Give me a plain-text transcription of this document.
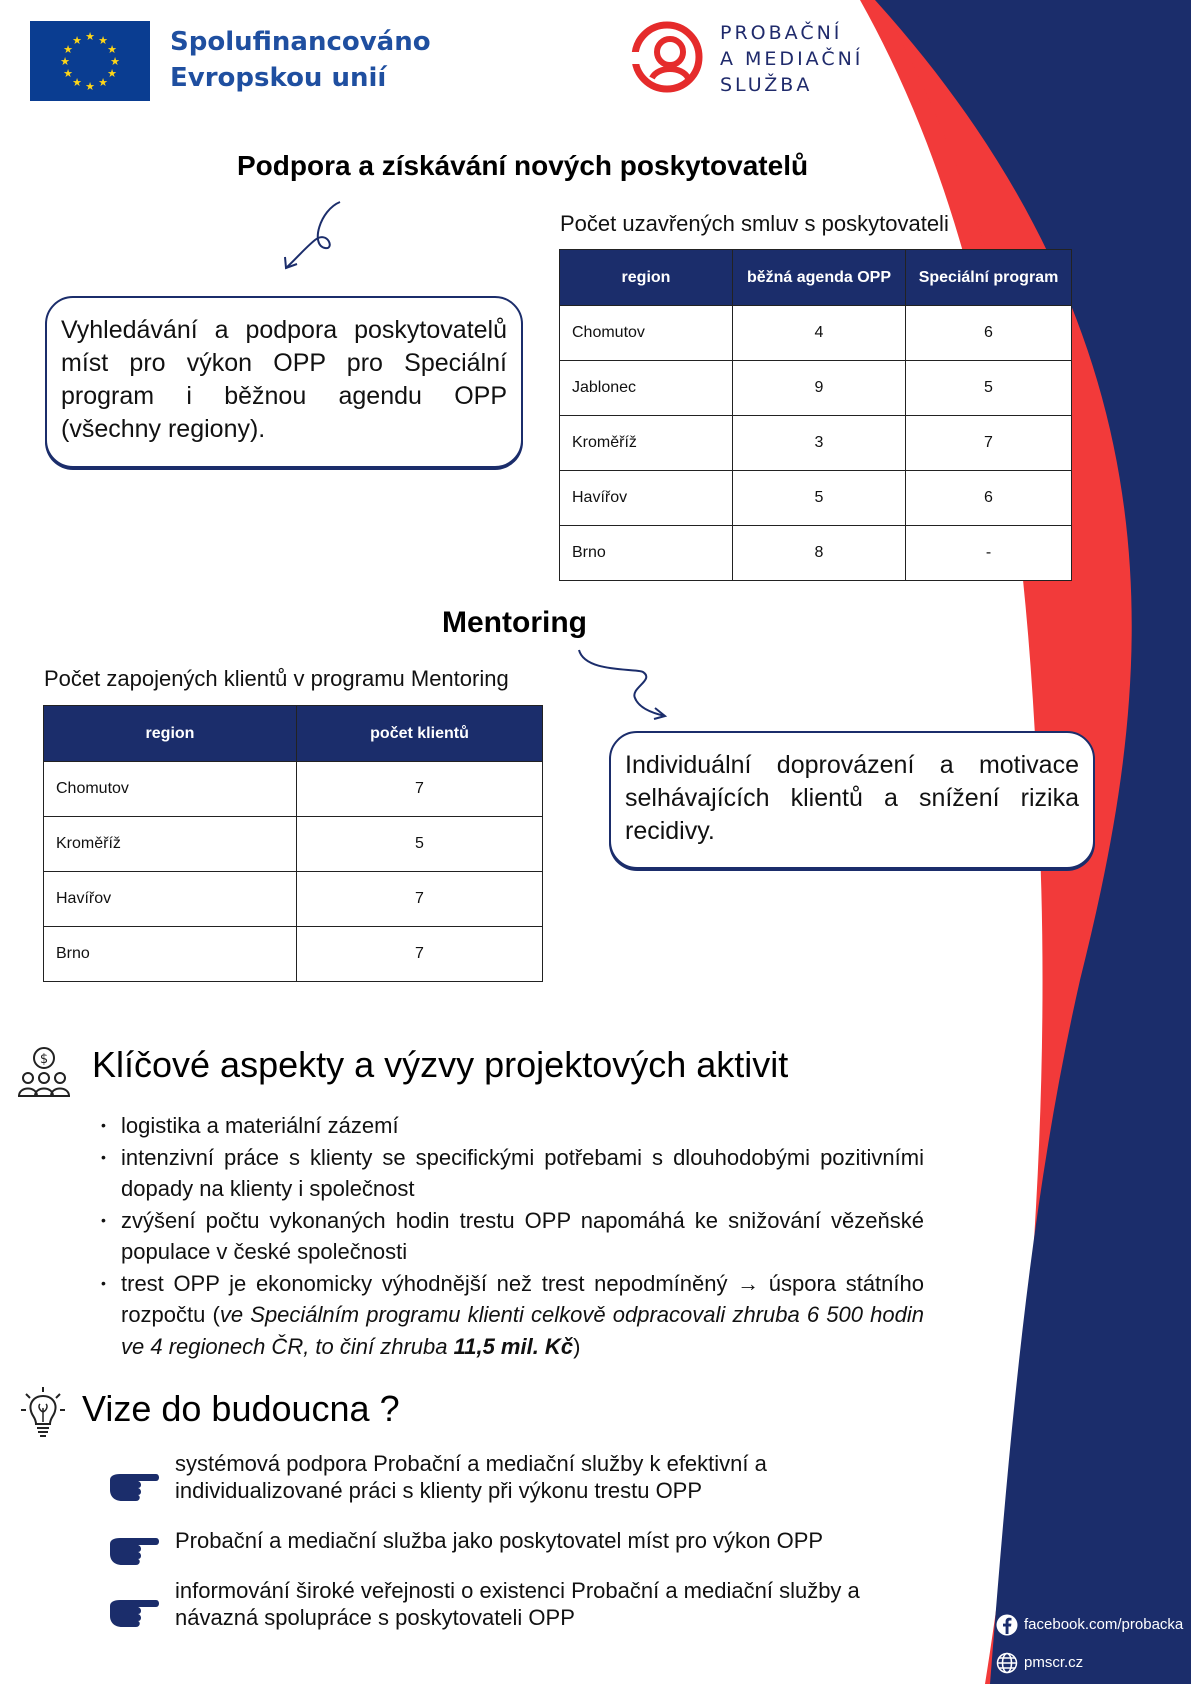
★ ★
★
★
★
★
★
★
★
★
★
★	Spolufinancováno
Evropskou unií
PROBAČNÍ
A MEDIAČNÍ
SLUŽBA
Podpora a získávání nových poskytovatelů
Vyhledávání a podpora poskytovatelů míst pro výkon OPP pro Speciální program i běžnou agendu OPP (všechny regiony).
Počet uzavřených smluv s poskytovateli
region	běžná agenda OPP	Speciální program
Chomutov	4	6
Jablonec	9	5
Kroměříž	3	7
Havířov	5	6
Brno	8	-
Mentoring
Počet zapojených klientů v programu Mentoring
region	počet klientů
Chomutov	7
Kroměříž	5
Havířov	7
Brno	7
Individuální doprovázení a motivace selhávajících klientů a snížení rizika recidivy.
$ Klíčové aspekty a výzvy projektových aktivit
• logistika a materiální zázemí
• intenzivní práce s klienty se specifickými potřebami s dlouhodobými pozitivními dopady na klienty i společnost
• zvýšení počtu vykonaných hodin trestu OPP napomáhá ke snižování vězeňské populace v české společnosti
• trest OPP je ekonomicky výhodnější než trest nepodmíněný → úspora státního rozpočtu (ve Speciálním programu klienti celkově odpracovali zhruba 6 500 hodin ve 4 regionech ČR, to činí zhruba 11,5 mil. Kč)
Vize do budoucna ?
systémová podpora Probační a mediační služby k efektivní a individualizované práci s klienty při výkonu trestu OPP
Probační a mediační služba jako poskytovatel míst pro výkon OPP
informování široké veřejnosti o existenci Probační a mediační služby a návazná spolupráce s poskytovateli OPP	facebook.com/probacka
pmscr.cz
